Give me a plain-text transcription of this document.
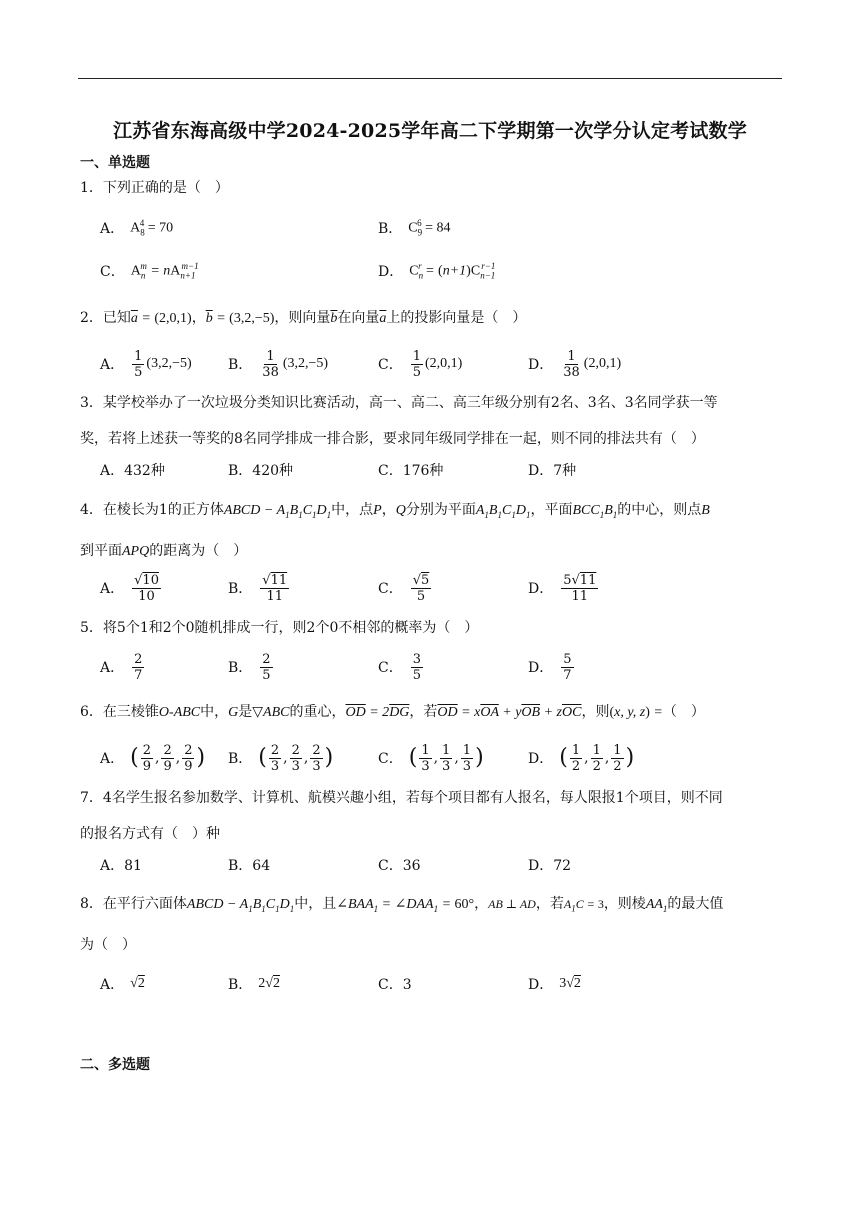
江苏省东海高级中学2024-2025学年高二下学期第一次学分认定考试数学
一、单选题
1．下列正确的是（　）
A． $A_8^4 = 70$	B． $C_9^6 = 84$
C． $A_n^m = nA_{n+1}^{m-1}$	D． $C_n^r = (n+1)C_{n-1}^{r-1}$
2．已知$\overline{a} = (2,0,1)$，$\overline{b} = (3,2,-5)$，则向量$\overline{b}$在向量$\overline{a}$上的投影向量是（　）
A． $\frac{1}{5} (3,2,-5)$	B． $\frac{1}{38} (3,2,-5)$	C． $\frac{1}{5} (2,0,1)$	D． $\frac{1}{38} (2,0,1)$
3．某学校举办了一次垃圾分类知识比赛活动，高一、高二、高三年级分别有2名、3名、3名同学获一等
奖，若将上述获一等奖的8名同学排成一排合影，要求同年级同学排在一起，则不同的排法共有（　）
A．432种	B．420种	C．176种	D．7种
4．在棱长为1的正方体ABCD − $A_1B_1C_1D_1$中，点P，Q分别为平面$A_1B_1C_1D_1$，平面$BCC_1B_1$的中心，则点B
到平面APQ的距离为（　）
A． $\frac{√10}{10}$	B． $\frac{√11}{11}$	C． $\frac{√5}{5}$	D． $\frac{5√11}{11}$
5．将5个1和2个0随机排成一行，则2个0不相邻的概率为（　）
A． $\frac{2}{7}$	B． $\frac{2}{5}$	C． $\frac{3}{5}$	D． $\frac{5}{7}$
6．在三棱锥O-ABC中，G是▽ABC的重心，$\overline{OD} = 2\overline{DG}$，若$\overline{OD} = x\overline{OA} + y\overline{OB} + z\overline{OC}$，则(x, y, z) =（　）
A． ( $\frac{2}{9}$ , $\frac{2}{9}$ , $\frac{2}{9}$ ) B． ( $\frac{2}{3}$ , $\frac{2}{3}$ , $\frac{2}{3}$ )	C． ( $\frac{1}{3}$ , $\frac{1}{3}$ , $\frac{1}{3}$ )	D． ( $\frac{1}{2}$ , $\frac{1}{2}$ , $\frac{1}{2}$ )
7．4名学生报名参加数学、计算机、航模兴趣小组，若每个项目都有人报名，每人限报1个项目，则不同
的报名方式有（　）种
A．81	B．64	C．36	D．72
8．在平行六面体ABCD − $A_1B_1C_1D_1$中，且$\angle BAA_1$ = $\angle DAA_1 = 60^\circ$，AB ⊥ AD，若$A_1C = 3$，则棱$AA_1$的最大值
为（　）
A． √2	B． 2√2	C．3	D． 3√2
二、多选题
